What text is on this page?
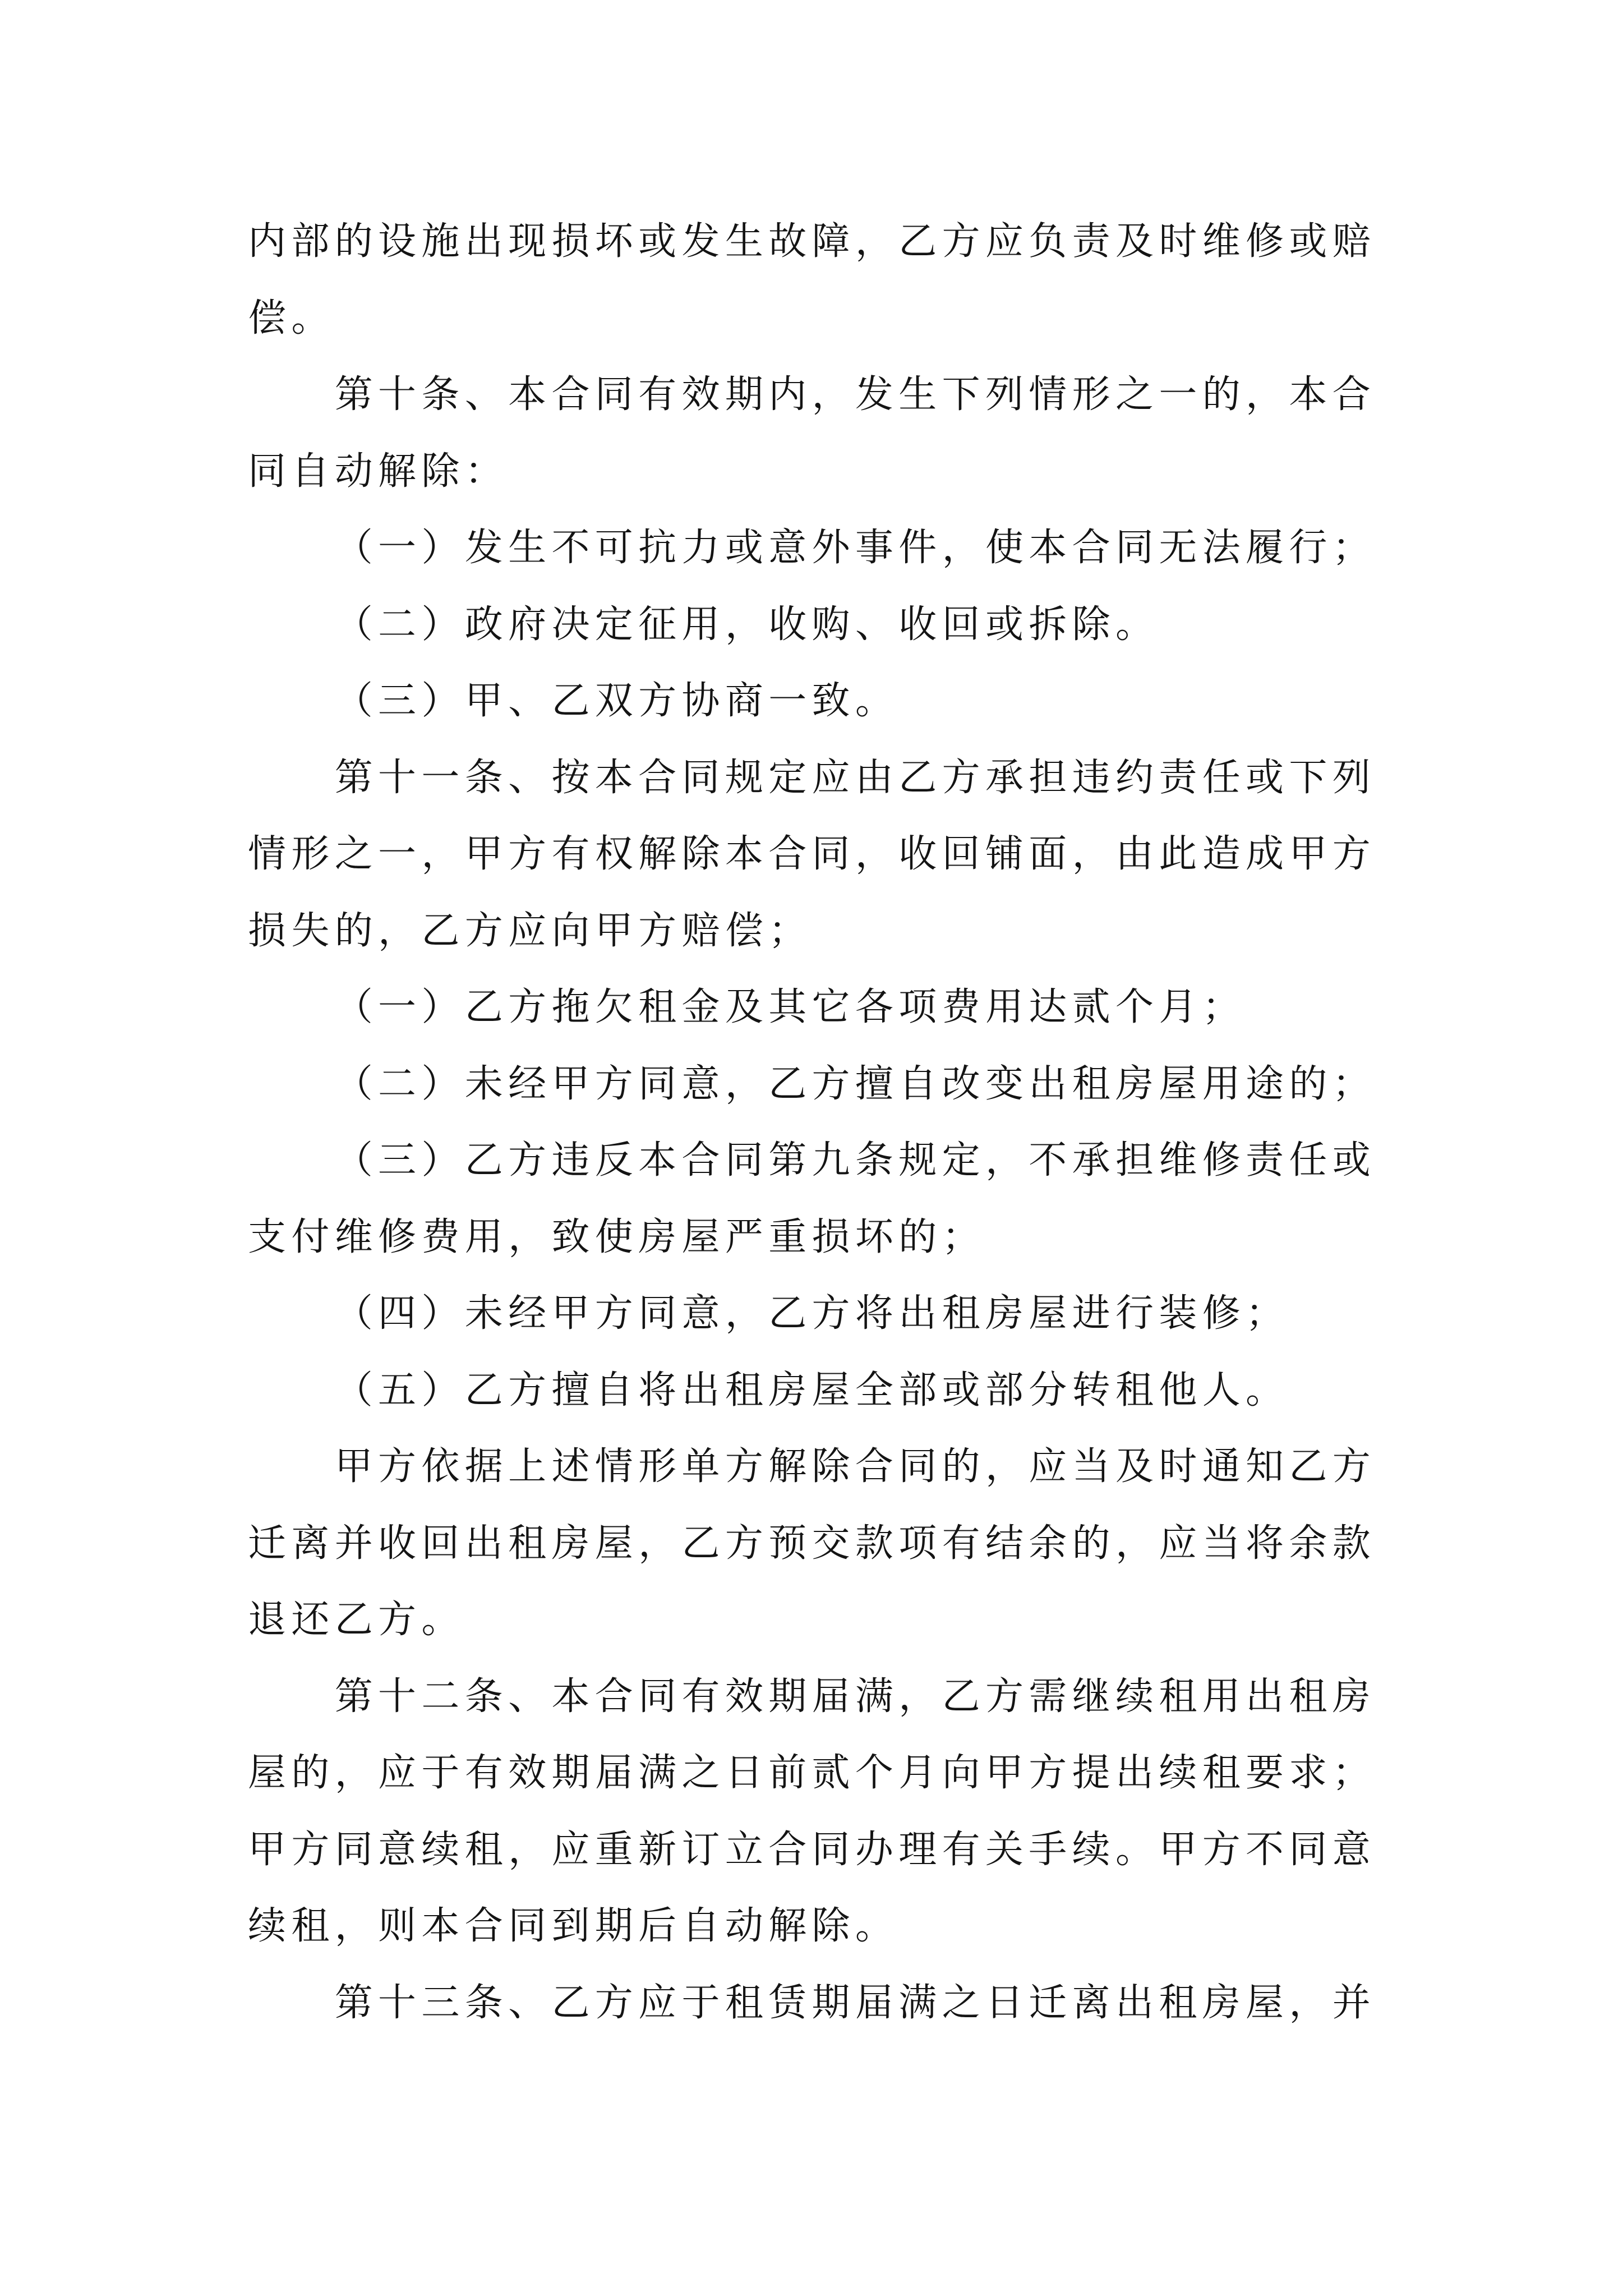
内部的设施出现损坏或发生故障，乙方应负责及时维修或赔
偿。
第十条、本合同有效期内，发生下列情形之一的，本合
同自动解除：
（一）发生不可抗力或意外事件，使本合同无法履行；
（二）政府决定征用，收购、收回或拆除。
（三）甲、乙双方协商一致。
第十一条、按本合同规定应由乙方承担违约责任或下列
情形之一，甲方有权解除本合同，收回铺面，由此造成甲方
损失的，乙方应向甲方赔偿；
（一）乙方拖欠租金及其它各项费用达贰个月；
（二）未经甲方同意，乙方擅自改变出租房屋用途的；
（三）乙方违反本合同第九条规定，不承担维修责任或
支付维修费用，致使房屋严重损坏的；
（四）未经甲方同意，乙方将出租房屋进行装修；
（五）乙方擅自将出租房屋全部或部分转租他人。
甲方依据上述情形单方解除合同的，应当及时通知乙方
迁离并收回出租房屋，乙方预交款项有结余的，应当将余款
退还乙方。
第十二条、本合同有效期届满，乙方需继续租用出租房
屋的，应于有效期届满之日前贰个月向甲方提出续租要求；
甲方同意续租，应重新订立合同办理有关手续。甲方不同意
续租，则本合同到期后自动解除。
第十三条、乙方应于租赁期届满之日迁离出租房屋，并
